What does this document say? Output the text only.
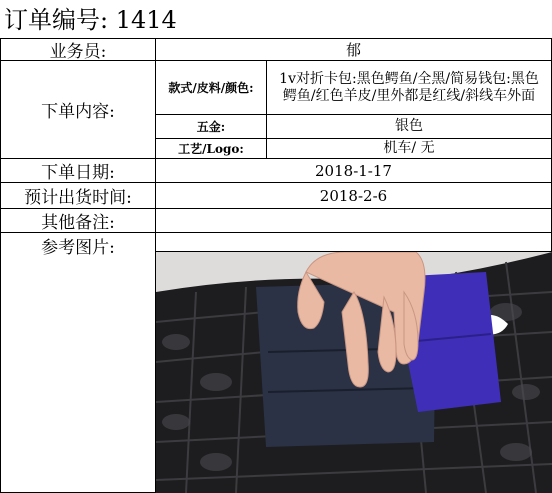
订单编号: 1414
业务员:	郁
下单内容:
款式/皮料/颜色:
1v对折卡包:黑色鳄鱼/全黑/简易钱包:黑色鳄鱼/红色羊皮/里外都是红线/斜线车外面
五金:	银色
工艺/Logo:	机车/ 无
下单日期:	2018-1-17
预计出货时间:	2018-2-6
其他备注:
参考图片:
